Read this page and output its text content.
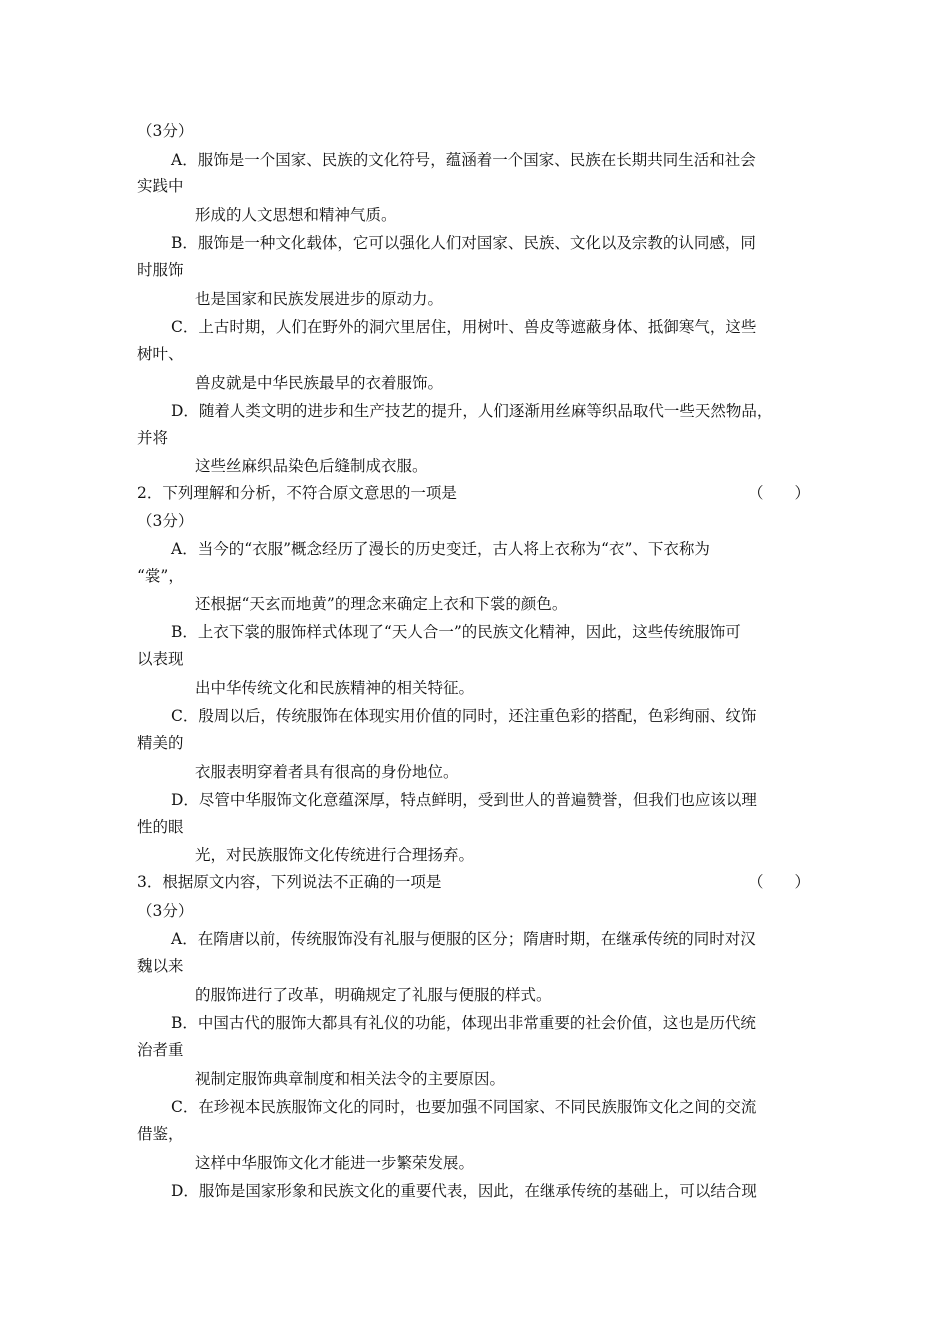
（3分）
A．服饰是一个国家、民族的文化符号，蕴涵着一个国家、民族在长期共同生活和社会
实践中
形成的人文思想和精神气质。
B．服饰是一种文化载体，它可以强化人们对国家、民族、文化以及宗教的认同感，同
时服饰
也是国家和民族发展进步的原动力。
C．上古时期，人们在野外的洞穴里居住，用树叶、兽皮等遮蔽身体、抵御寒气，这些
树叶、
兽皮就是中华民族最早的衣着服饰。
D．随着人类文明的进步和生产技艺的提升，人们逐渐用丝麻等织品取代一些天然物品，
并将
这些丝麻织品染色后缝制成衣服。
2．下列理解和分析，不符合原文意思的一项是	（　　）
（3分）
A．当今的“衣服”概念经历了漫长的历史变迁，古人将上衣称为“衣”、下衣称为
“裳”，
还根据“天玄而地黄”的理念来确定上衣和下裳的颜色。
B．上衣下裳的服饰样式体现了“天人合一”的民族文化精神，因此，这些传统服饰可
以表现
出中华传统文化和民族精神的相关特征。
C．殷周以后，传统服饰在体现实用价值的同时，还注重色彩的搭配，色彩绚丽、纹饰
精美的
衣服表明穿着者具有很高的身份地位。
D．尽管中华服饰文化意蕴深厚，特点鲜明，受到世人的普遍赞誉，但我们也应该以理
性的眼
光，对民族服饰文化传统进行合理扬弃。
3．根据原文内容，下列说法不正确的一项是	（　　）
（3分）
A．在隋唐以前，传统服饰没有礼服与便服的区分；隋唐时期，在继承传统的同时对汉
魏以来
的服饰进行了改革，明确规定了礼服与便服的样式。
B．中国古代的服饰大都具有礼仪的功能，体现出非常重要的社会价值，这也是历代统
治者重
视制定服饰典章制度和相关法令的主要原因。
C．在珍视本民族服饰文化的同时，也要加强不同国家、不同民族服饰文化之间的交流
借鉴，
这样中华服饰文化才能进一步繁荣发展。
D．服饰是国家形象和民族文化的重要代表，因此，在继承传统的基础上，可以结合现
